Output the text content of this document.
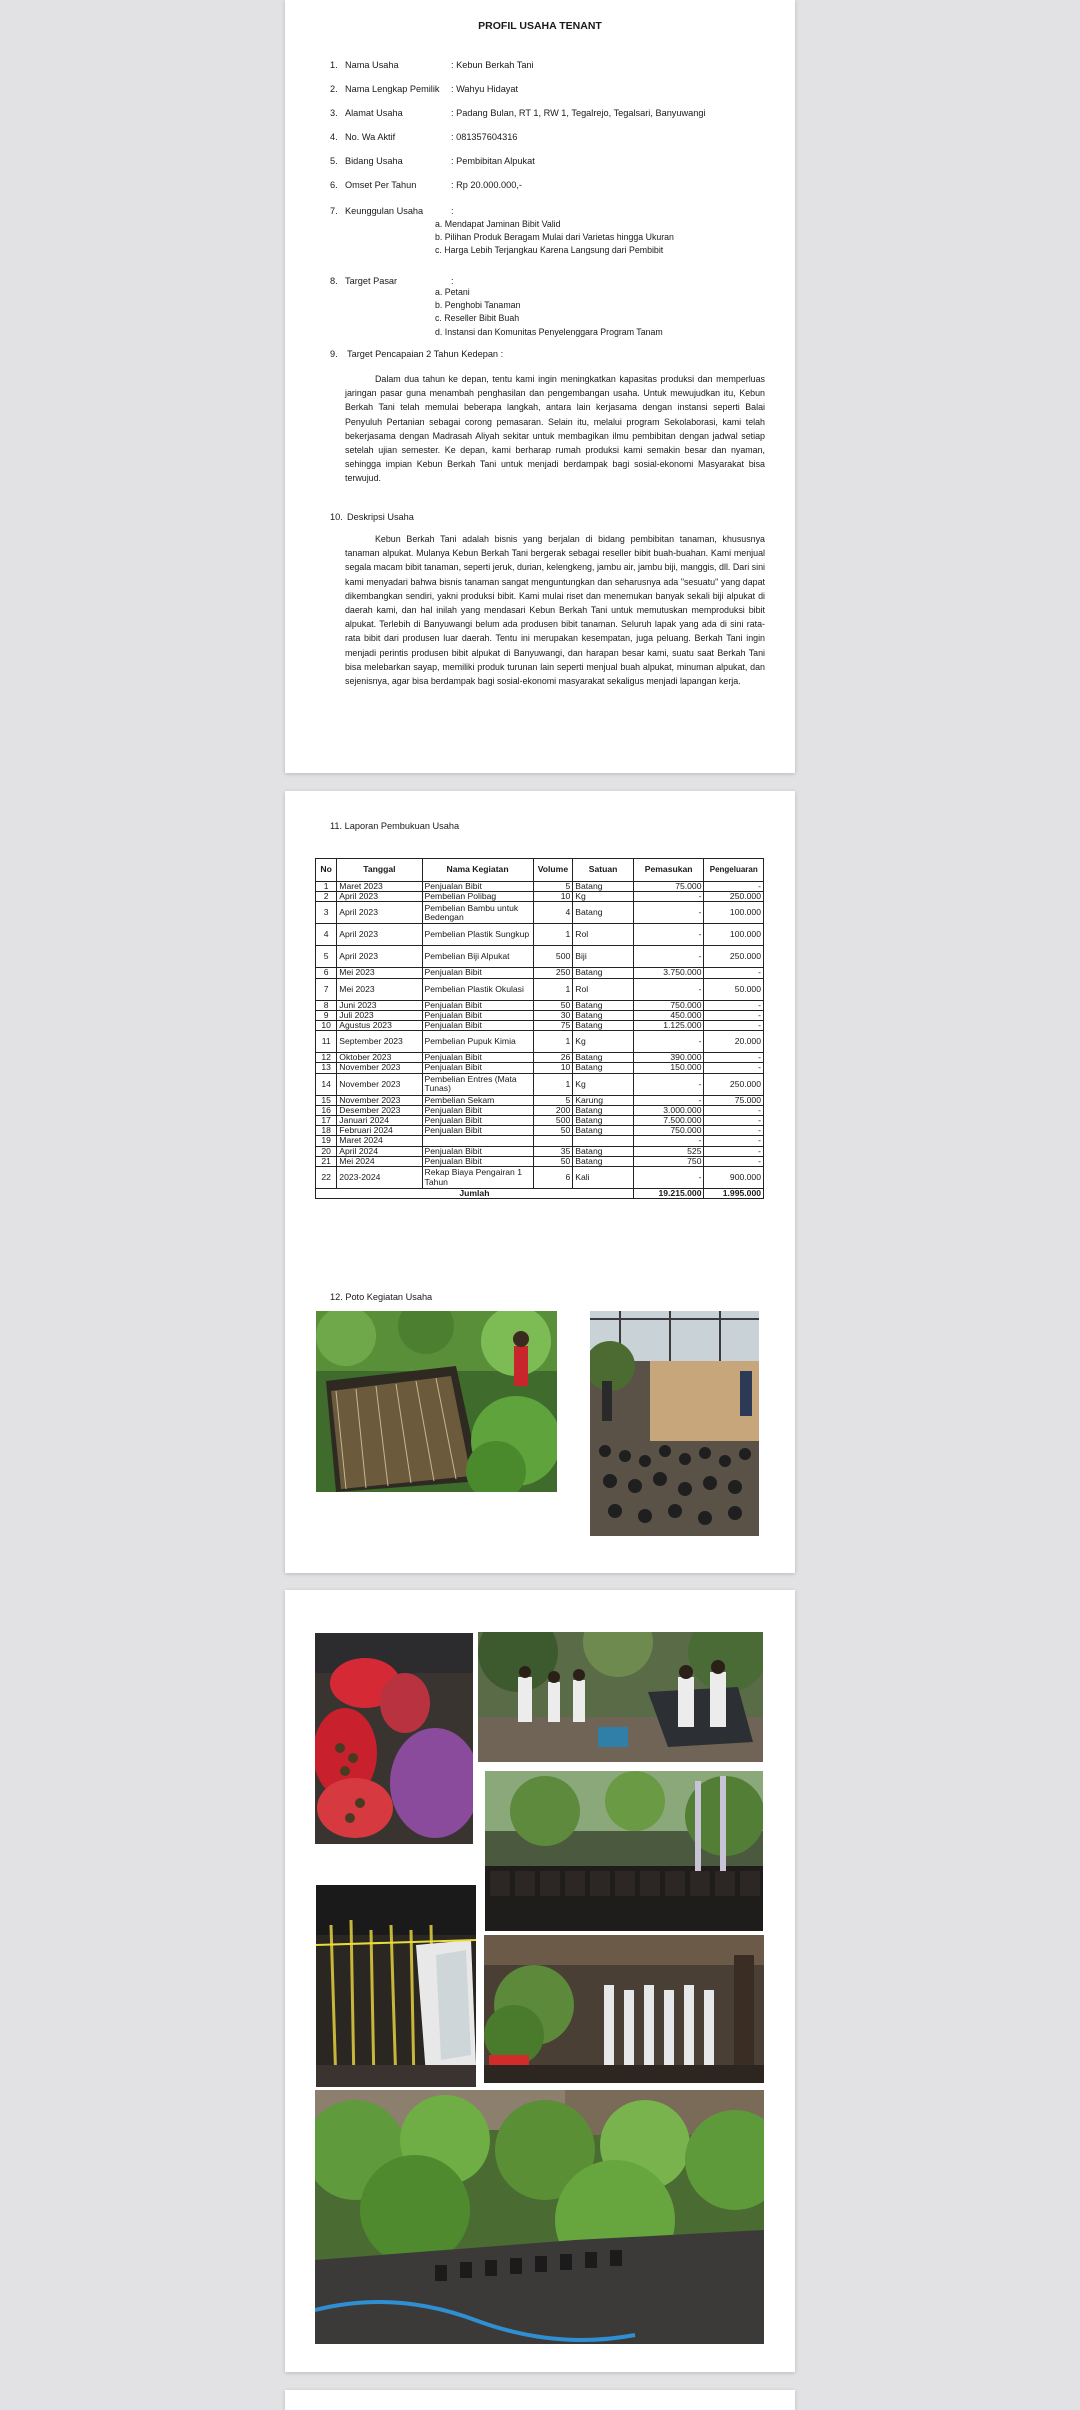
PROFIL USAHA TENANT
1. Nama Usaha	: Kebun Berkah Tani
2. Nama Lengkap Pemilik : Wahyu Hidayat
3. Alamat Usaha	: Padang Bulan, RT 1, RW 1, Tegalrejo, Tegalsari, Banyuwangi
4. No. Wa Aktif	: 081357604316
5. Bidang Usaha	: Pembibitan Alpukat
6. Omset Per Tahun	: Rp 20.000.000,-
7. Keunggulan Usaha	:
8. Target Pasar	:
9.	Target Pencapaian 2 Tahun Kedepan :
10. Deskripsi Usaha
a. Mendapat Jaminan Bibit Valid
b. Pilihan Produk Beragam Mulai dari Varietas hingga Ukuran
c. Harga Lebih Terjangkau Karena Langsung dari Pembibit
a. Petani
b. Penghobi Tanaman
c. Reseller Bibit Buah
d. Instansi dan Komunitas Penyelenggara Program Tanam
Dalam dua tahun ke depan, tentu kami ingin meningkatkan kapasitas produksi dan memperluas jaringan pasar guna menambah penghasilan dan pengembangan usaha. Untuk mewujudkan itu, Kebun Berkah Tani telah memulai beberapa langkah, antara lain kerjasama dengan instansi seperti Balai Penyuluh Pertanian sebagai corong pemasaran. Selain itu, melalui program Sekolaborasi, kami telah bekerjasama dengan Madrasah Aliyah sekitar untuk membagikan ilmu pembibitan dengan jadwal setiap setelah ujian semester. Ke depan, kami berharap rumah produksi kami semakin besar dan nyaman, sehingga impian Kebun Berkah Tani untuk menjadi berdampak bagi sosial-ekonomi Masyarakat bisa terwujud.
Kebun Berkah Tani adalah bisnis yang berjalan di bidang pembibitan tanaman, khususnya tanaman alpukat. Mulanya Kebun Berkah Tani bergerak sebagai reseller bibit buah-buahan. Kami menjual segala macam bibit tanaman, seperti jeruk, durian, kelengkeng, jambu air, jambu biji, manggis, dll. Dari sini kami menyadari bahwa bisnis tanaman sangat menguntungkan dan seharusnya ada "sesuatu" yang dapat dikembangkan sendiri, yakni produksi bibit. Kami mulai riset dan menemukan banyak sekali biji alpukat di daerah kami, dan hal inilah yang mendasari Kebun Berkah Tani untuk memutuskan memproduksi bibit alpukat. Terlebih di Banyuwangi belum ada produsen bibit tanaman. Seluruh lapak yang ada di sini rata-rata bibit dari produsen luar daerah. Tentu ini merupakan kesempatan, juga peluang. Berkah Tani ingin menjadi perintis produsen bibit alpukat di Banyuwangi, dan harapan besar kami, suatu saat Berkah Tani bisa melebarkan sayap, memiliki produk turunan lain seperti menjual buah alpukat, minuman alpukat, dan sejenisnya, agar bisa berdampak bagi sosial-ekonomi masyarakat sekaligus menjadi lapangan kerja.
11. Laporan Pembukuan Usaha
No	Tanggal	Nama Kegiatan	Volume	Satuan	Pemasukan	Pengeluaran
1	Maret 2023	Penjualan Bibit	5	Batang	75.000	-
2	April 2023	Pembelian Polibag	10	Kg	-	250.000
3	April 2023	Pembelian Bambu untuk Bedengan	4	Batang	-	100.000
4	April 2023	Pembelian Plastik Sungkup	1	Rol	-	100.000
5	April 2023	Pembelian Biji Alpukat	500	Biji	-	250.000
6	Mei 2023	Penjualan Bibit	250	Batang	3.750.000	-
7	Mei 2023	Pembelian Plastik Okulasi	1	Rol	-	50.000
8	Juni 2023	Penjualan Bibit	50	Batang	750.000	-
9	Juli 2023	Penjualan Bibit	30	Batang	450.000	-
10	Agustus 2023	Penjualan Bibit	75	Batang	1.125.000	-
11	September 2023	Pembelian Pupuk Kimia	1	Kg	-	20.000
12	Oktober 2023	Penjualan Bibit	26	Batang	390.000	-
13	November 2023	Penjualan Bibit	10	Batang	150.000	-
14	November 2023	Pembelian Entres (Mata Tunas)	1	Kg	-	250.000
15	November 2023	Pembelian Sekam	5	Karung	-	75.000
16	Desember 2023	Penjualan Bibit	200	Batang	3.000.000	-
17	Januari 2024	Penjualan Bibit	500	Batang	7.500.000	-
18	Februari 2024	Penjualan Bibit	50	Batang	750.000	-
19	Maret 2024				-	-
20	April 2024	Penjualan Bibit	35	Batang	525	-
21	Mei 2024	Penjualan Bibit	50	Batang	750	-
22	2023-2024	Rekap Biaya Pengairan 1 Tahun	6	Kali	-	900.000
Jumlah					19.215.000	1.995.000
12. Poto Kegiatan Usaha
